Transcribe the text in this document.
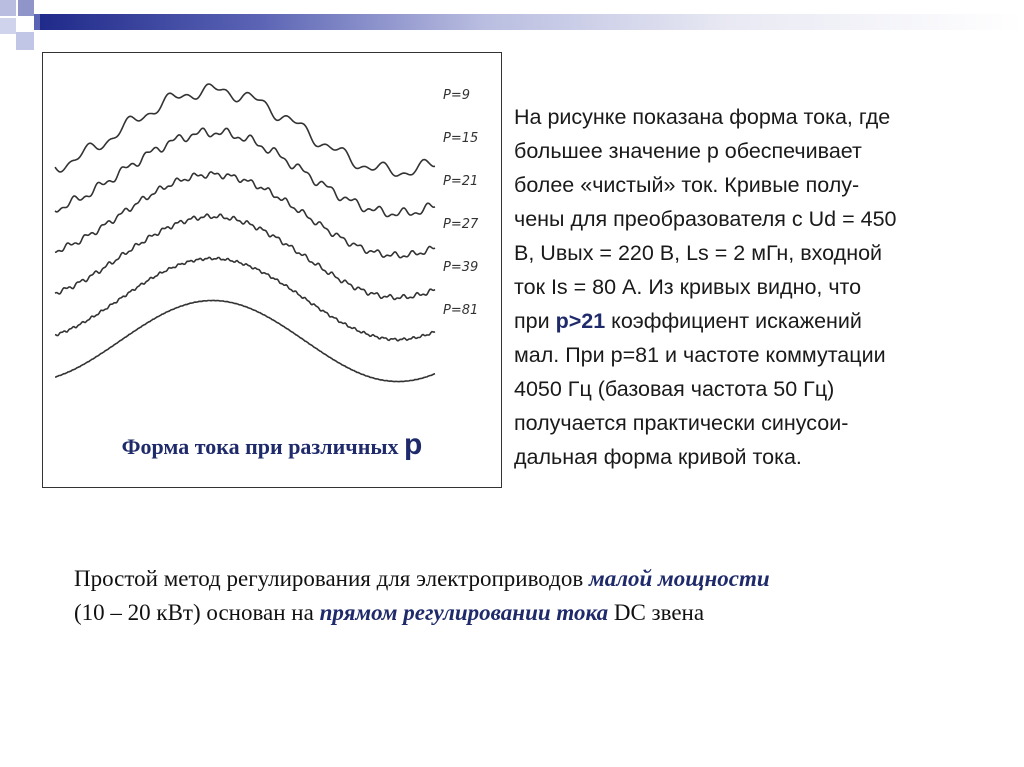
P=9
P=15
P=21
P=27
P=39
P=81
Форма тока при различных p
На рисунке показана форма тока, где
большее значение р обеспечивает
более «чистый» ток. Кривые полу-
чены для преобразователя с Ud = 450
В, Uвых = 220 В, Ls = 2 мГн, входной
ток Is = 80 А. Из кривых видно, что
при p>21 коэффициент искажений
мал. При p=81 и частоте коммутации
4050 Гц (базовая частота 50 Гц)
получается практически синусои-
дальная форма кривой тока.
Простой метод регулирования для электроприводов малой мощности
(10 – 20 кВт) основан на прямом регулировании тока DC звена
